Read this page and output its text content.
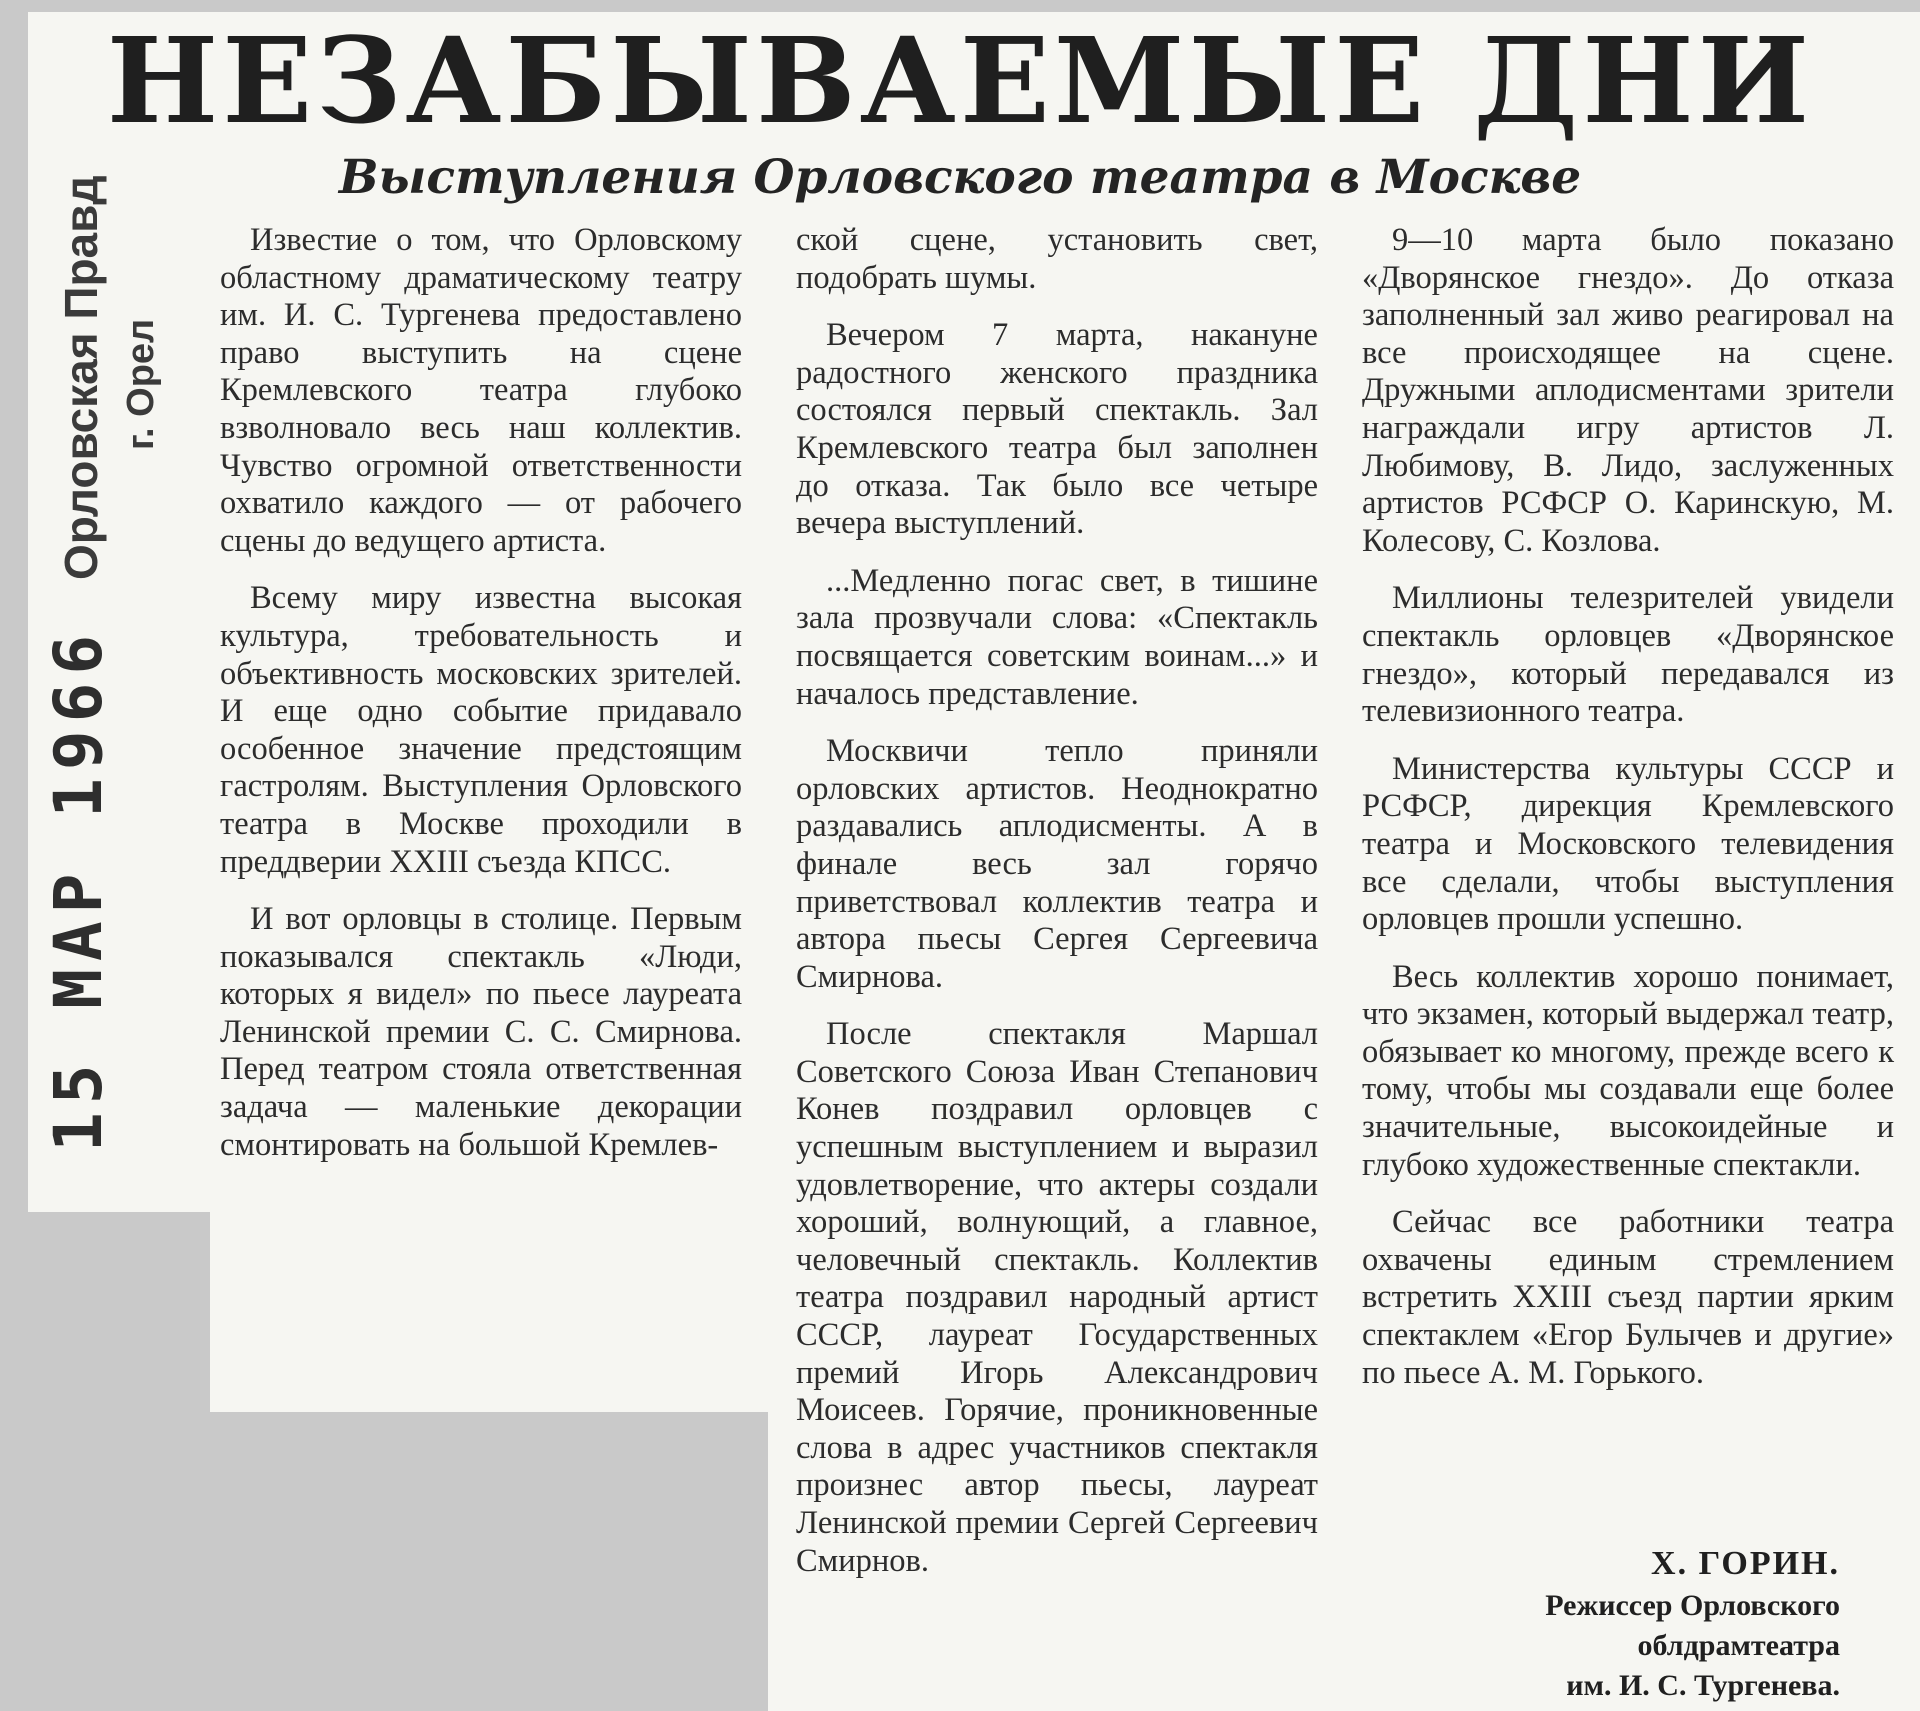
НЕЗАБЫВАЕМЫЕ ДНИ
Выступления Орловского театра в Москве

Известие о том, что Орловскому областному драматическому театру им. И. С. Тургенева предоставлено право выступить на сцене Кремлевского театра глубоко взволновало весь наш коллектив. Чувство огромной ответственности охватило каждого — от рабочего сцены до ведущего артиста.

Всему миру известна высокая культура, требовательность и объективность московских зрителей. И еще одно событие придавало особенное значение предстоящим гастролям. Выступления Орловского театра в Москве проходили в преддверии XXIII съезда КПСС.

И вот орловцы в столице. Первым показывался спектакль «Люди, которых я видел» по пьесе лауреата Ленинской премии С. С. Смирнова. Перед театром стояла ответственная задача — маленькие декорации смонтировать на большой Кремлев-

ской сцене, установить свет, подобрать шумы.

Вечером 7 марта, накануне радостного женского праздника состоялся первый спектакль. Зал Кремлевского театра был заполнен до отказа. Так было все четыре вечера выступлений.

...Медленно погас свет, в тишине зала прозвучали слова: «Спектакль посвящается советским воинам...» и началось представление.

Москвичи тепло приняли орловских артистов. Неоднократно раздавались аплодисменты. А в финале весь зал горячо приветствовал коллектив театра и автора пьесы Сергея Сергеевича Смирнова.

После спектакля Маршал Советского Союза Иван Степанович Конев поздравил орловцев с успешным выступлением и выразил удовлетворение, что актеры создали хороший, волнующий, а главное, человечный спектакль. Коллектив театра поздравил народный артист СССР, лауреат Государственных премий Игорь Александрович Моисеев. Горячие, проникновенные слова в адрес участников спектакля произнес автор пьесы, лауреат Ленинской премии Сергей Сергеевич Смирнов.

9—10 марта было показано «Дворянское гнездо». До отказа заполненный зал живо реагировал на все происходящее на сцене. Дружными аплодисментами зрители награждали игру артистов Л. Любимову, В. Лидо, заслуженных артистов РСФСР О. Каринскую, М. Колесову, С. Козлова.

Миллионы телезрителей увидели спектакль орловцев «Дворянское гнездо», который передавался из телевизионного театра.

Министерства культуры СССР и РСФСР, дирекция Кремлевского театра и Московского телевидения все сделали, чтобы выступления орловцев прошли успешно.

Весь коллектив хорошо понимает, что экзамен, который выдержал театр, обязывает ко многому, прежде всего к тому, чтобы мы создавали еще более значительные, высокоидейные и глубоко художественные спектакли.

Сейчас все работники театра охвачены единым стремлением встретить XXIII съезд партии ярким спектаклем «Егор Булычев и другие» по пьесе А. М. Горького.

Х. ГОРИН.
Режиссер Орловского
облдрамтеатра
им. И. С. Тургенева.
Орловская Правд г. Орел
15 МАР 1966
